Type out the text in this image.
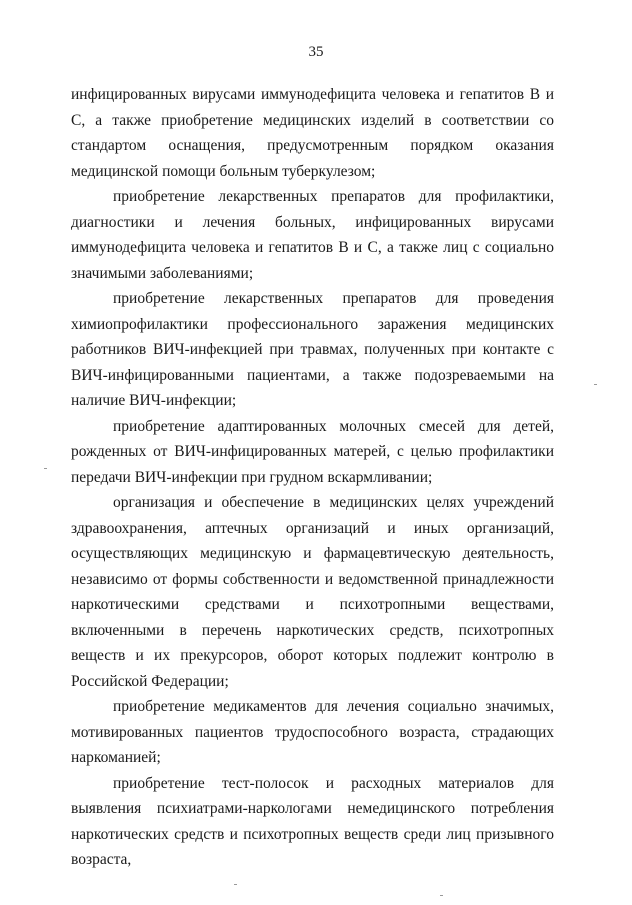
35

инфицированных вирусами иммунодефицита человека и гепатитов B и C, а также приобретение медицинских изделий в соответствии со стандартом оснащения, предусмотренным порядком оказания медицинской помощи больным туберкулезом;

приобретение лекарственных препаратов для профилактики, диагностики и лечения больных, инфицированных вирусами иммунодефицита человека и гепатитов B и C, а также лиц с социально значимыми заболеваниями;

приобретение лекарственных препаратов для проведения химиопрофилактики профессионального заражения медицинских работников ВИЧ-инфекцией при травмах, полученных при контакте с ВИЧ-инфицированными пациентами, а также подозреваемыми на наличие ВИЧ-инфекции;

приобретение адаптированных молочных смесей для детей, рожденных от ВИЧ-инфицированных матерей, с целью профилактики передачи ВИЧ-инфекции при грудном вскармливании;

организация и обеспечение в медицинских целях учреждений здравоохранения, аптечных организаций и иных организаций, осуществляющих медицинскую и фармацевтическую деятельность, независимо от формы собственности и ведомственной принадлежности наркотическими средствами и психотропными веществами, включенными в перечень наркотических средств, психотропных веществ и их прекурсоров, оборот которых подлежит контролю в Российской Федерации;

приобретение медикаментов для лечения социально значимых, мотивированных пациентов трудоспособного возраста, страдающих наркоманией;

приобретение тест-полосок и расходных материалов для выявления психиатрами-наркологами немедицинского потребления наркотических средств и психотропных веществ среди лиц призывного возраста,
